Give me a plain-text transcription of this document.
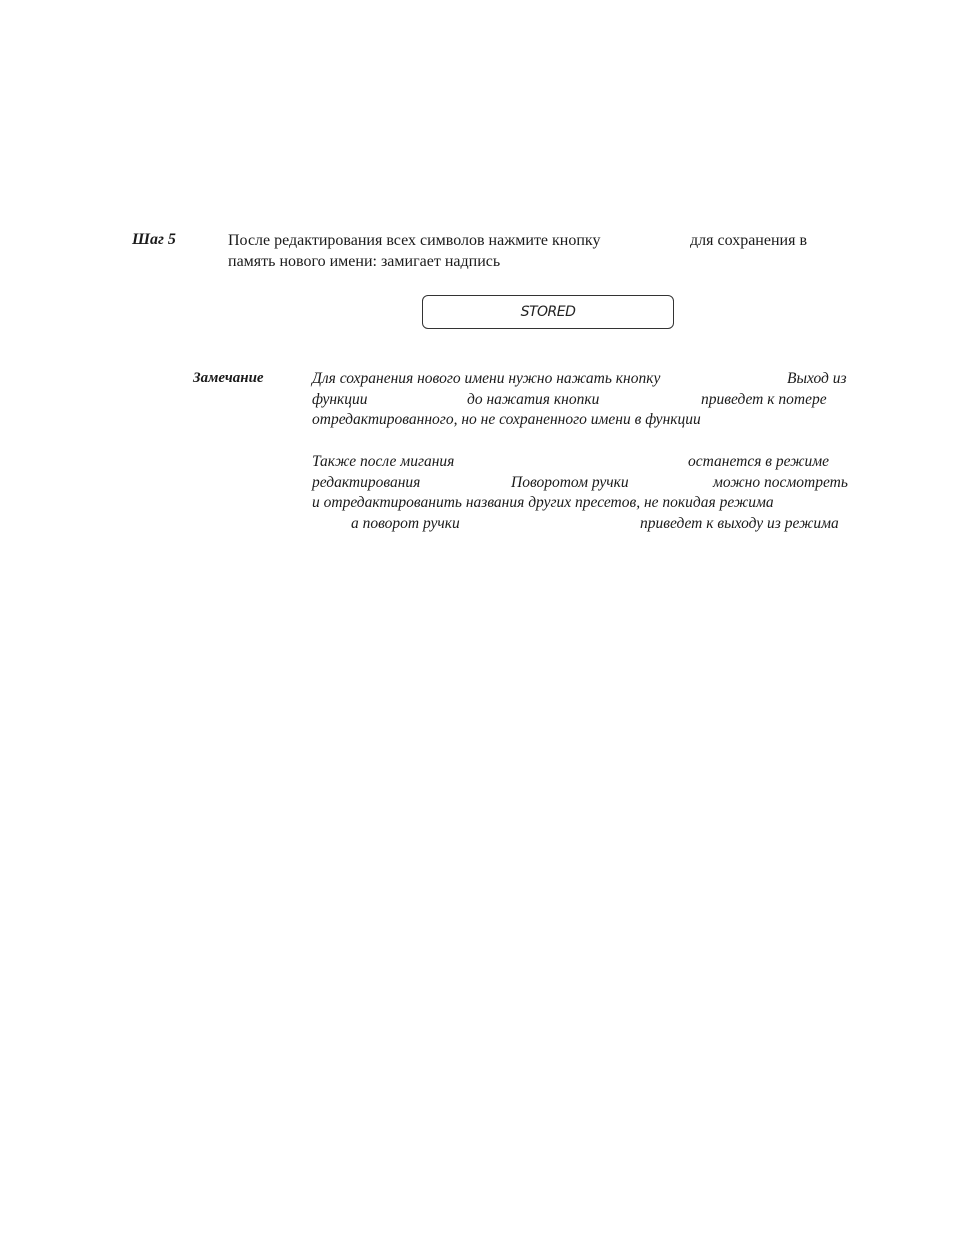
Шаг 5	После редактирования всех символов нажмите кнопку	для сохранения в
память нового имени: замигает надпись
STORED
Замечание	Для сохранения нового имени нужно нажать кнопку	Выход из
функции	до нажатия кнопки	приведет к потере
отредактированного, но не сохраненного имени в функции
Также после мигания	останется в режиме
редактирования	Поворотом ручки	можно посмотреть
и отредактированить названия других пресетов, не покидая режима
а поворот ручки	приведет к выходу из режима
